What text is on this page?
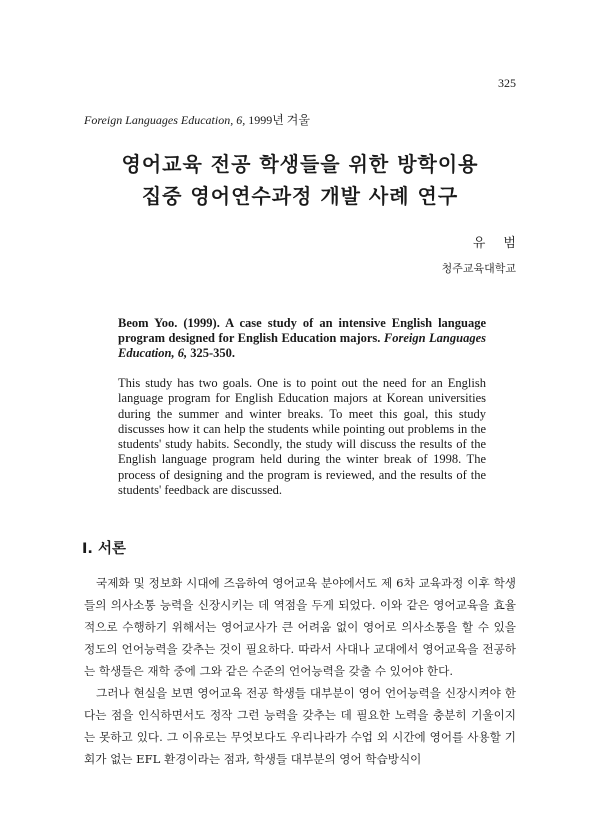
325
Foreign Languages Education, 6, 1999년 겨울
영어교육 전공 학생들을 위한 방학이용
집중 영어연수과정 개발 사례 연구
유범
청주교육대학교
Beom Yoo. (1999). A case study of an intensive English language program designed for English Education majors. Foreign Languages Education, 6, 325-350.
This study has two goals. One is to point out the need for an English language program for English Education majors at Korean universities during the summer and winter breaks. To meet this goal, this study discusses how it can help the students while pointing out problems in the students' study habits. Secondly, the study will discuss the results of the English language program held during the winter break of 1998. The process of designing and the program is reviewed, and the results of the students' feedback are discussed.
I. 서론

국제화 및 정보화 시대에 즈음하여 영어교육 분야에서도 제 6차 교육과정 이후 학생들의 의사소통 능력을 신장시키는 데 역점을 두게 되었다. 이와 같은 영어교육을 효율적으로 수행하기 위해서는 영어교사가 큰 어려움 없이 영어로 의사소통을 할 수 있을 정도의 언어능력을 갖추는 것이 필요하다. 따라서 사대나 교대에서 영어교육을 전공하는 학생들은 재학 중에 그와 같은 수준의 언어능력을 갖출 수 있어야 한다.

그러나 현실을 보면 영어교육 전공 학생들 대부분이 영어 언어능력을 신장시켜야 한다는 점을 인식하면서도 정작 그런 능력을 갖추는 데 필요한 노력을 충분히 기울이지는 못하고 있다. 그 이유로는 무엇보다도 우리나라가 수업 외 시간에 영어를 사용할 기회가 없는 EFL 환경이라는 점과, 학생들 대부분의 영어 학습방식이
